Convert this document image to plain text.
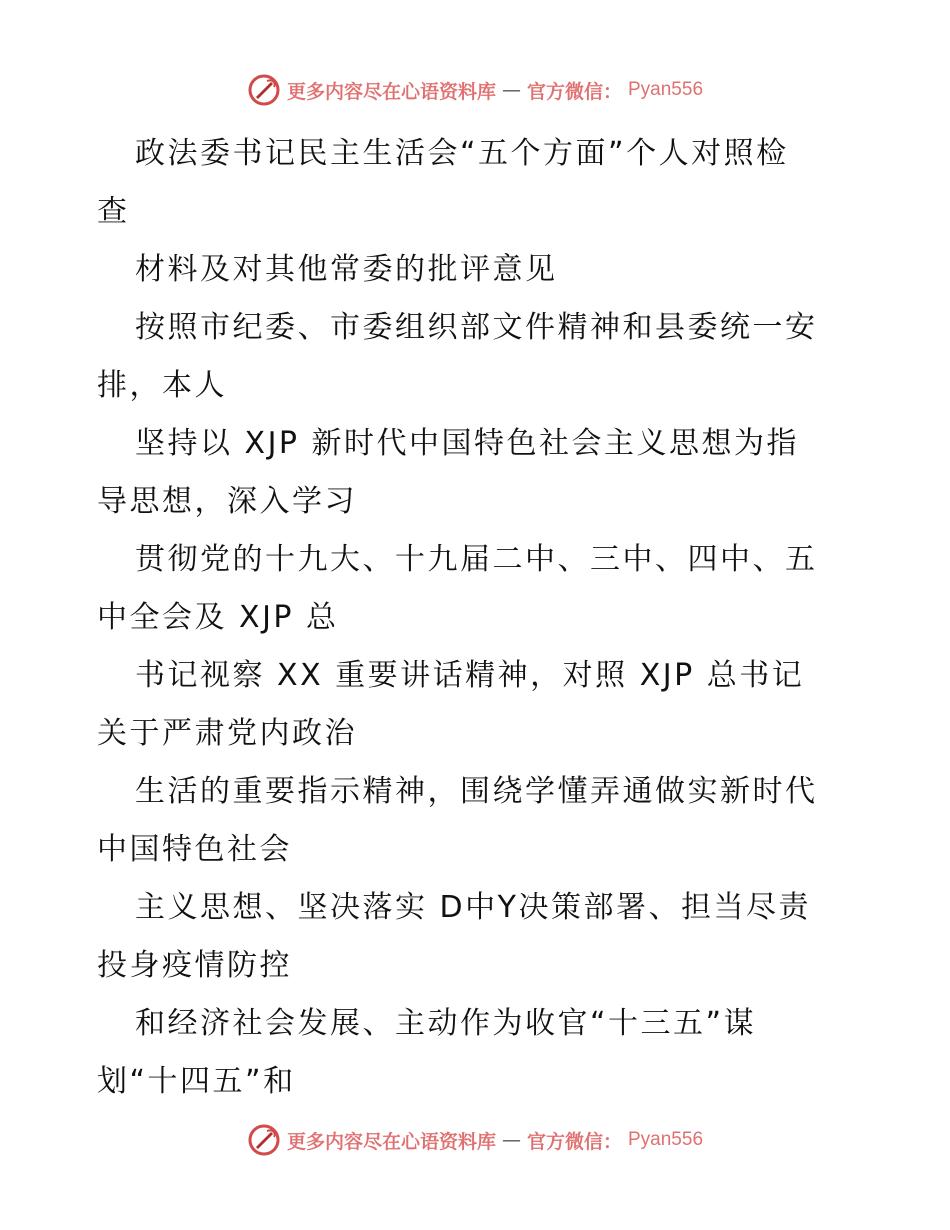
更多内容尽在心语资料库 — 官方微信： Pyan556
政法委书记民主生活会“五个方面”个人对照检
查
材料及对其他常委的批评意见
按照市纪委、市委组织部文件精神和县委统一安
排，本人
坚持以 XJP 新时代中国特色社会主义思想为指
导思想，深入学习
贯彻党的十九大、十九届二中、三中、四中、五
中全会及 XJP 总
书记视察 XX 重要讲话精神，对照 XJP 总书记
关于严肃党内政治
生活的重要指示精神，围绕学懂弄通做实新时代
中国特色社会
主义思想、坚决落实 D中Y决策部署、担当尽责
投身疫情防控
和经济社会发展、主动作为收官“十三五”谋
划“十四五”和
更多内容尽在心语资料库 — 官方微信： Pyan556
